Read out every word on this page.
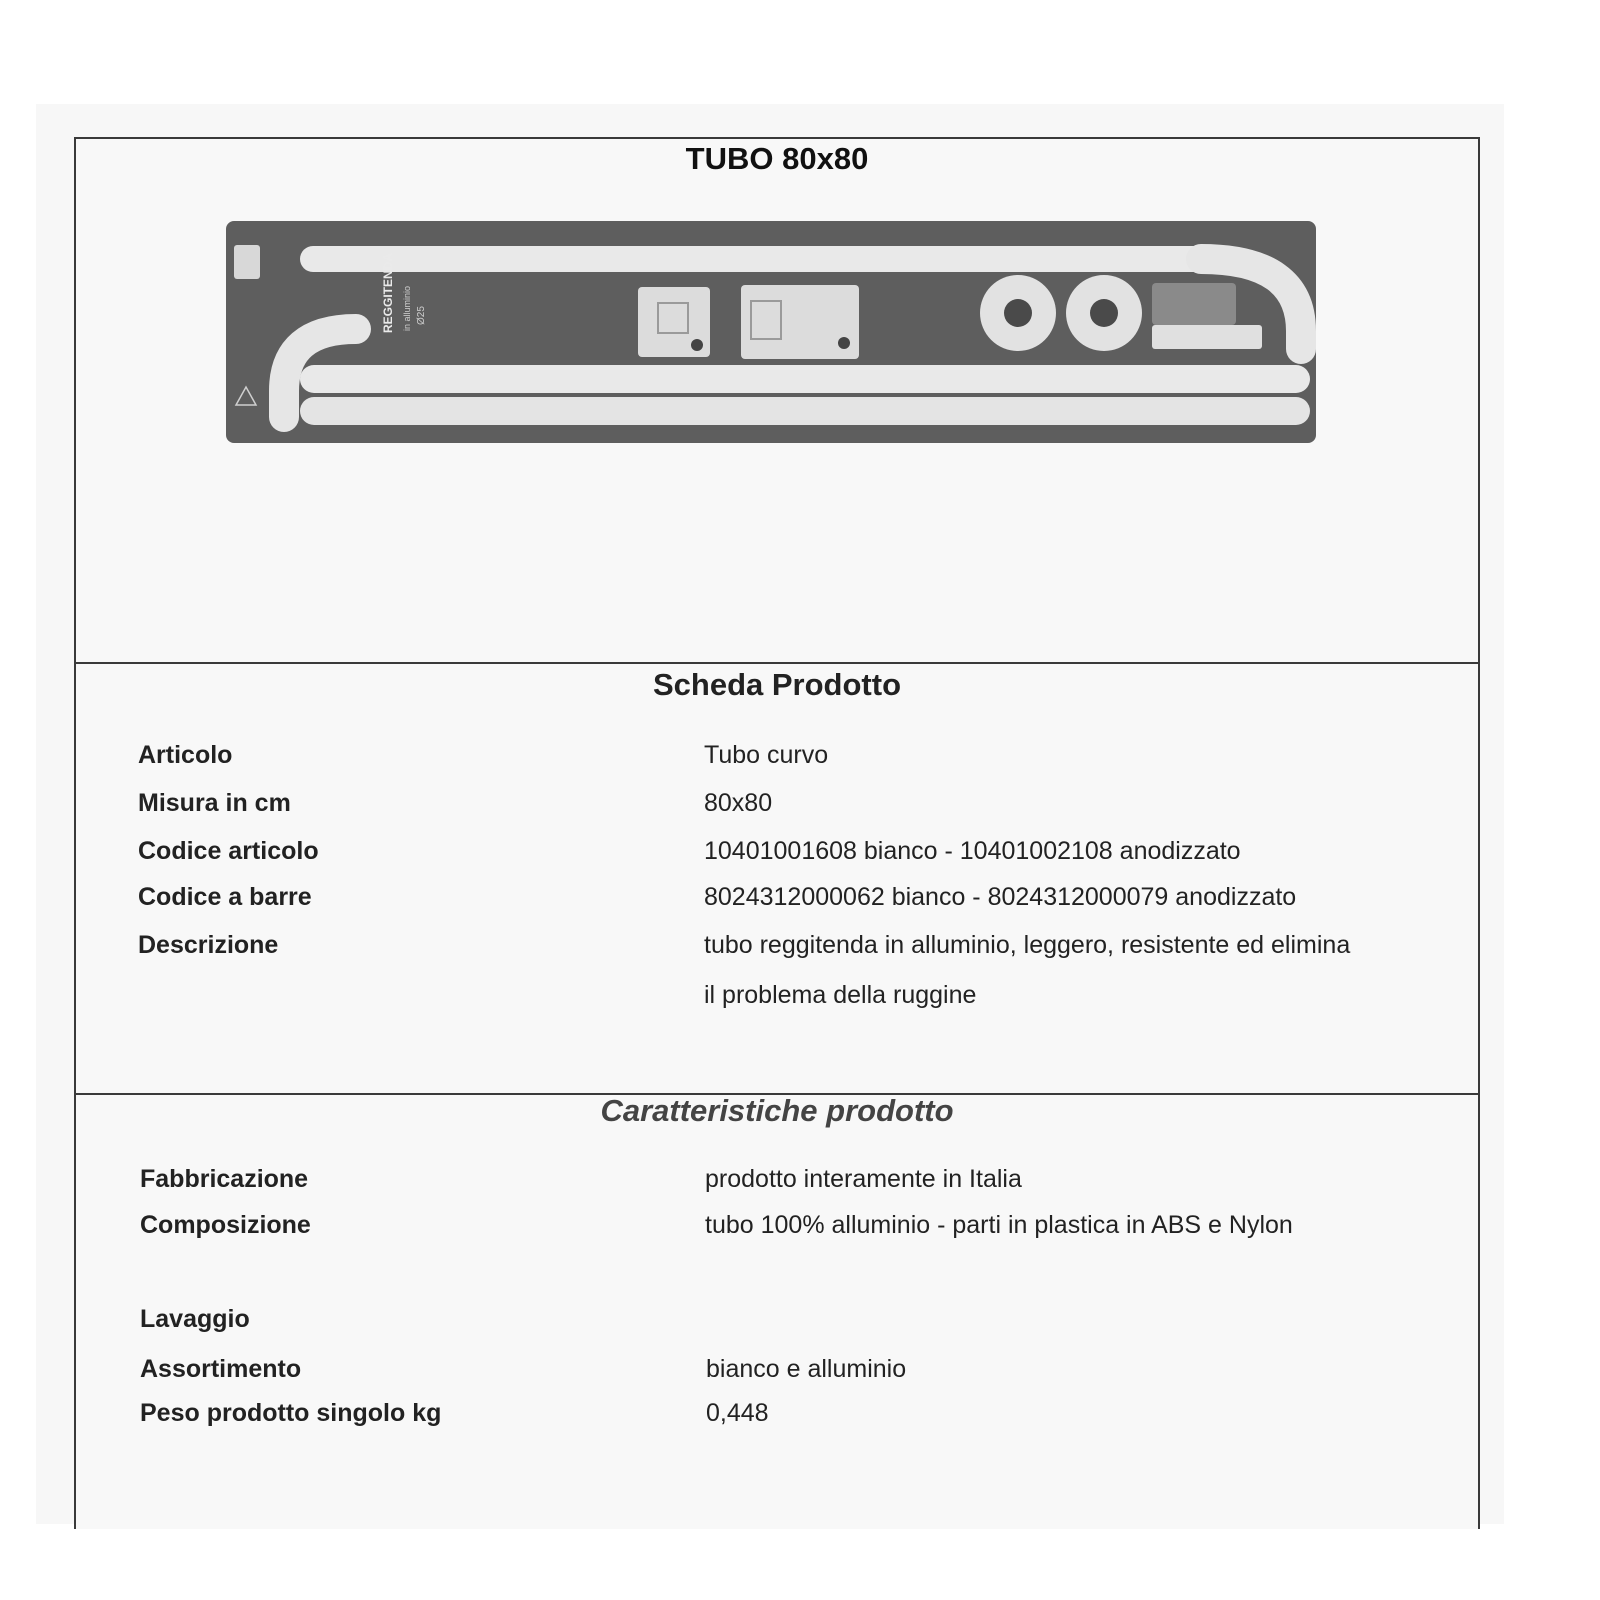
TUBO 80x80
REGGITENDA in alluminio Ø25
Scheda Prodotto
Articolo	Tubo curvo
Misura in cm	80x80
Codice articolo	10401001608 bianco - 10401002108 anodizzato
Codice a barre	8024312000062 bianco - 8024312000079 anodizzato
Descrizione	tubo reggitenda in alluminio, leggero, resistente ed elimina
il problema della ruggine
Caratteristiche prodotto
Fabbricazione	prodotto interamente in Italia
Composizione	tubo 100% alluminio - parti in plastica in ABS e Nylon
Lavaggio
Assortimento	bianco e alluminio
Peso prodotto singolo kg	0,448
